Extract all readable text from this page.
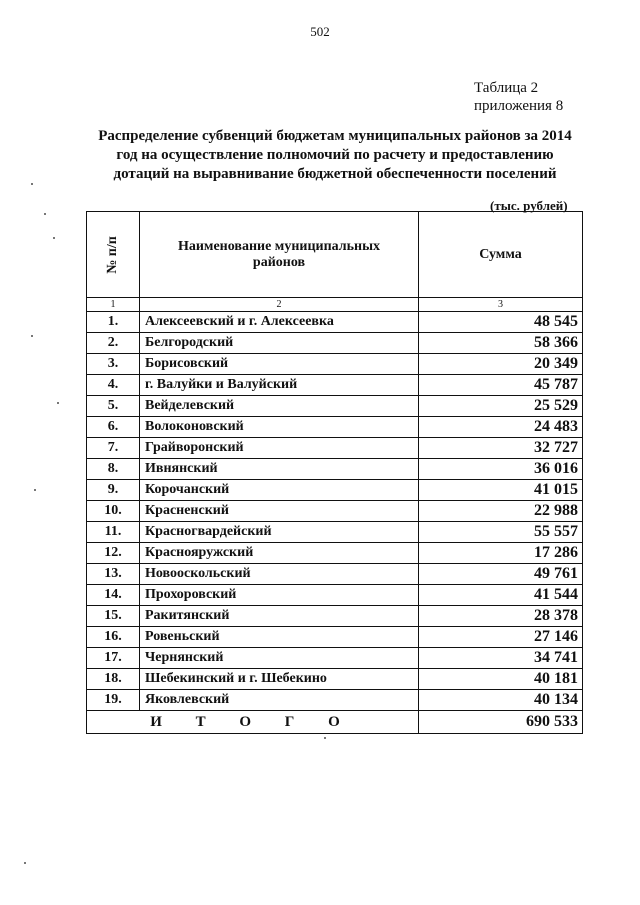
502
Таблица 2
приложения 8
Распределение субвенций бюджетам муниципальных районов за 2014
год на осуществление полномочий по расчету и предоставлению
дотаций на выравнивание бюджетной обеспеченности поселений
(тыс. рублей)
№ п/п	Наименование муниципальных районов	Сумма
1	2	3
1.	Алексеевский и г. Алексеевка	48 545
2.	Белгородский	58 366
3.	Борисовский	20 349
4.	г. Валуйки и Валуйский	45 787
5.	Вейделевский	25 529
6.	Волоконовский	24 483
7.	Грайворонский	32 727
8.	Ивнянский	36 016
9.	Корочанский	41 015
10.	Красненский	22 988
11.	Красногвардейский	55 557
12.	Краснояружский	17 286
13.	Новооскольский	49 761
14.	Прохоровский	41 544
15.	Ракитянский	28 378
16.	Ровеньский	27 146
17.	Чернянский	34 741
18.	Шебекинский и г. Шебекино	40 181
19.	Яковлевский	40 134
И Т О Г О		690 533
